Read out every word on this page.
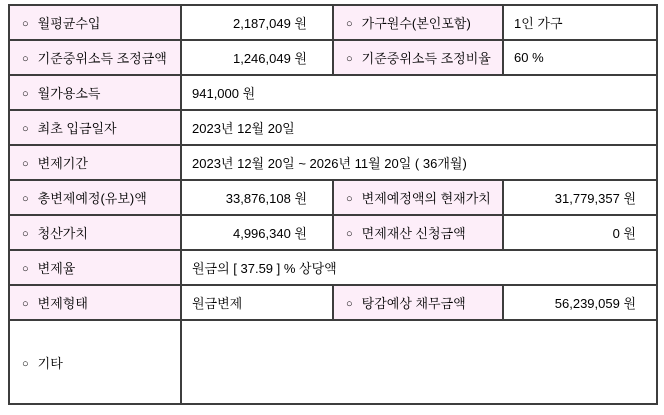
○ 월평균수입	2,187,049 원	○ 가구원수(본인포함)	1인 가구
○ 기준중위소득 조정금액	1,246,049 원	○ 기준중위소득 조정비율	60 %
○ 월가용소득	941,000 원		
○ 최초 입금일자	2023년 12월 20일		
○ 변제기간	2023년 12월 20일 ~ 2026년 11월 20일 ( 36개월)		
○ 총변제예정(유보)액	33,876,108 원	○ 변제예정액의 현재가치	31,779,357 원
○ 청산가치	4,996,340 원	○ 면제재산 신청금액	0 원
○ 변제율	원금의 [ 37.59 ] % 상당액		
○ 변제형태	원금변제	○ 탕감예상 채무금액	56,239,059 원
○ 기타			
